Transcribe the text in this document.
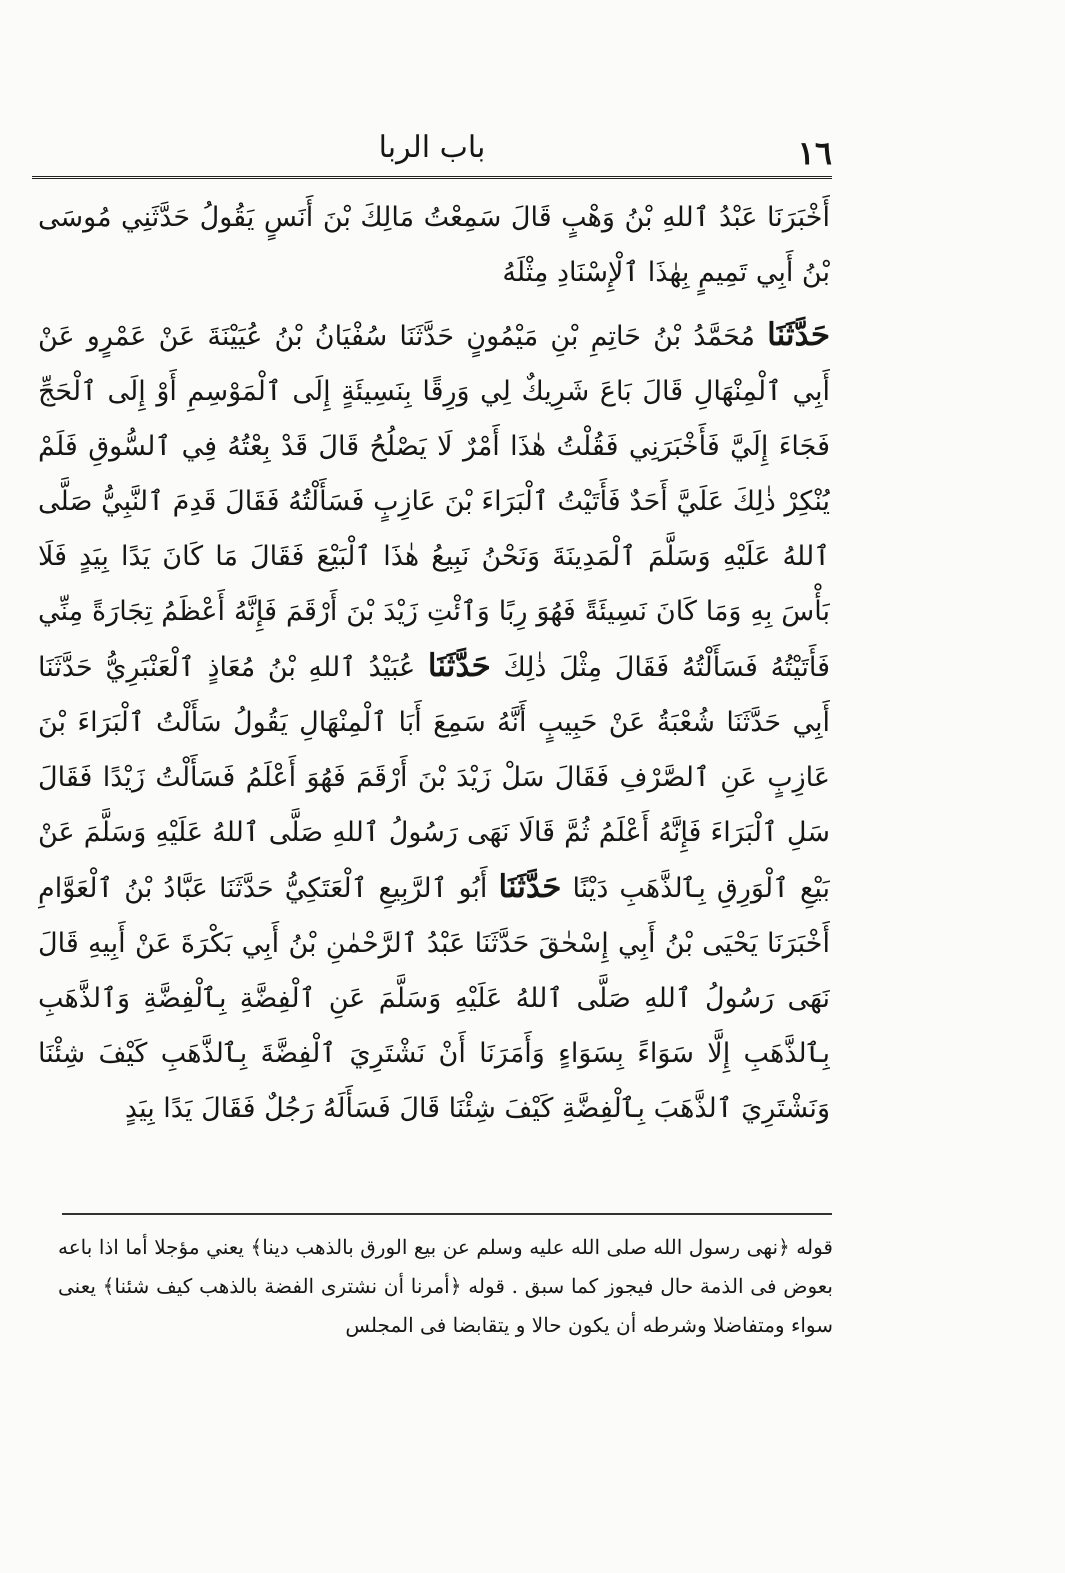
١٦
باب الربا

أَخْبَرَنَا عَبْدُ ٱللهِ بْنُ وَهْبٍ قَالَ سَمِعْتُ مَالِكَ بْنَ أَنَسٍ يَقُولُ حَدَّثَنِي مُوسَى بْنُ أَبِي تَمِيمٍ بِهٰذَا ٱلْإِسْنَادِ مِثْلَهُ

حَدَّثَنَا مُحَمَّدُ بْنُ حَاتِمِ بْنِ مَيْمُونٍ حَدَّثَنَا سُفْيَانُ بْنُ عُيَيْنَةَ عَنْ عَمْرٍو عَنْ أَبِي ٱلْمِنْهَالِ قَالَ بَاعَ شَرِيكٌ لِي وَرِقًا بِنَسِيئَةٍ إِلَى ٱلْمَوْسِمِ أَوْ إِلَى ٱلْحَجِّ فَجَاءَ إِلَيَّ فَأَخْبَرَنِي فَقُلْتُ هٰذَا أَمْرٌ لَا يَصْلُحُ قَالَ قَدْ بِعْتُهُ فِي ٱلسُّوقِ فَلَمْ يُنْكِرْ ذٰلِكَ عَلَيَّ أَحَدٌ فَأَتَيْتُ ٱلْبَرَاءَ بْنَ عَازِبٍ فَسَأَلْتُهُ فَقَالَ قَدِمَ ٱلنَّبِيُّ صَلَّى ٱللهُ عَلَيْهِ وَسَلَّمَ ٱلْمَدِينَةَ وَنَحْنُ نَبِيعُ هٰذَا ٱلْبَيْعَ فَقَالَ مَا كَانَ يَدًا بِيَدٍ فَلَا بَأْسَ بِهِ وَمَا كَانَ نَسِيئَةً فَهُوَ رِبًا وَٱئْتِ زَيْدَ بْنَ أَرْقَمَ فَإِنَّهُ أَعْظَمُ تِجَارَةً مِنِّي فَأَتَيْتُهُ فَسَأَلْتُهُ فَقَالَ مِثْلَ ذٰلِكَ حَدَّثَنَا عُبَيْدُ ٱللهِ بْنُ مُعَاذٍ ٱلْعَنْبَرِيُّ حَدَّثَنَا أَبِي حَدَّثَنَا شُعْبَةُ عَنْ حَبِيبٍ أَنَّهُ سَمِعَ أَبَا ٱلْمِنْهَالِ يَقُولُ سَأَلْتُ ٱلْبَرَاءَ بْنَ عَازِبٍ عَنِ ٱلصَّرْفِ فَقَالَ سَلْ زَيْدَ بْنَ أَرْقَمَ فَهُوَ أَعْلَمُ فَسَأَلْتُ زَيْدًا فَقَالَ سَلِ ٱلْبَرَاءَ فَإِنَّهُ أَعْلَمُ ثُمَّ قَالَا نَهَى رَسُولُ ٱللهِ صَلَّى ٱللهُ عَلَيْهِ وَسَلَّمَ عَنْ بَيْعِ ٱلْوَرِقِ بِٱلذَّهَبِ دَيْنًا حَدَّثَنَا أَبُو ٱلرَّبِيعِ ٱلْعَتَكِيُّ حَدَّثَنَا عَبَّادُ بْنُ ٱلْعَوَّامِ أَخْبَرَنَا يَحْيَى بْنُ أَبِي إِسْحٰقَ حَدَّثَنَا عَبْدُ ٱلرَّحْمٰنِ بْنُ أَبِي بَكْرَةَ عَنْ أَبِيهِ قَالَ نَهَى رَسُولُ ٱللهِ صَلَّى ٱللهُ عَلَيْهِ وَسَلَّمَ عَنِ ٱلْفِضَّةِ بِٱلْفِضَّةِ وَٱلذَّهَبِ بِٱلذَّهَبِ إِلَّا سَوَاءً بِسَوَاءٍ وَأَمَرَنَا أَنْ نَشْتَرِيَ ٱلْفِضَّةَ بِٱلذَّهَبِ كَيْفَ شِئْنَا وَنَشْتَرِيَ ٱلذَّهَبَ بِٱلْفِضَّةِ كَيْفَ شِئْنَا قَالَ فَسَأَلَهُ رَجُلٌ فَقَالَ يَدًا بِيَدٍ

قوله ﴿نهى رسول الله صلى الله عليه وسلم عن بيع الورق بالذهب دينا﴾ يعني مؤجلا أما اذا باعه بعوض فى الذمة حال فيجوز كما سبق . قوله ﴿أمرنا أن نشترى الفضة بالذهب كيف شئنا﴾ يعنى سواء ومتفاضلا وشرطه أن يكون حالا و يتقابضا فى المجلس
